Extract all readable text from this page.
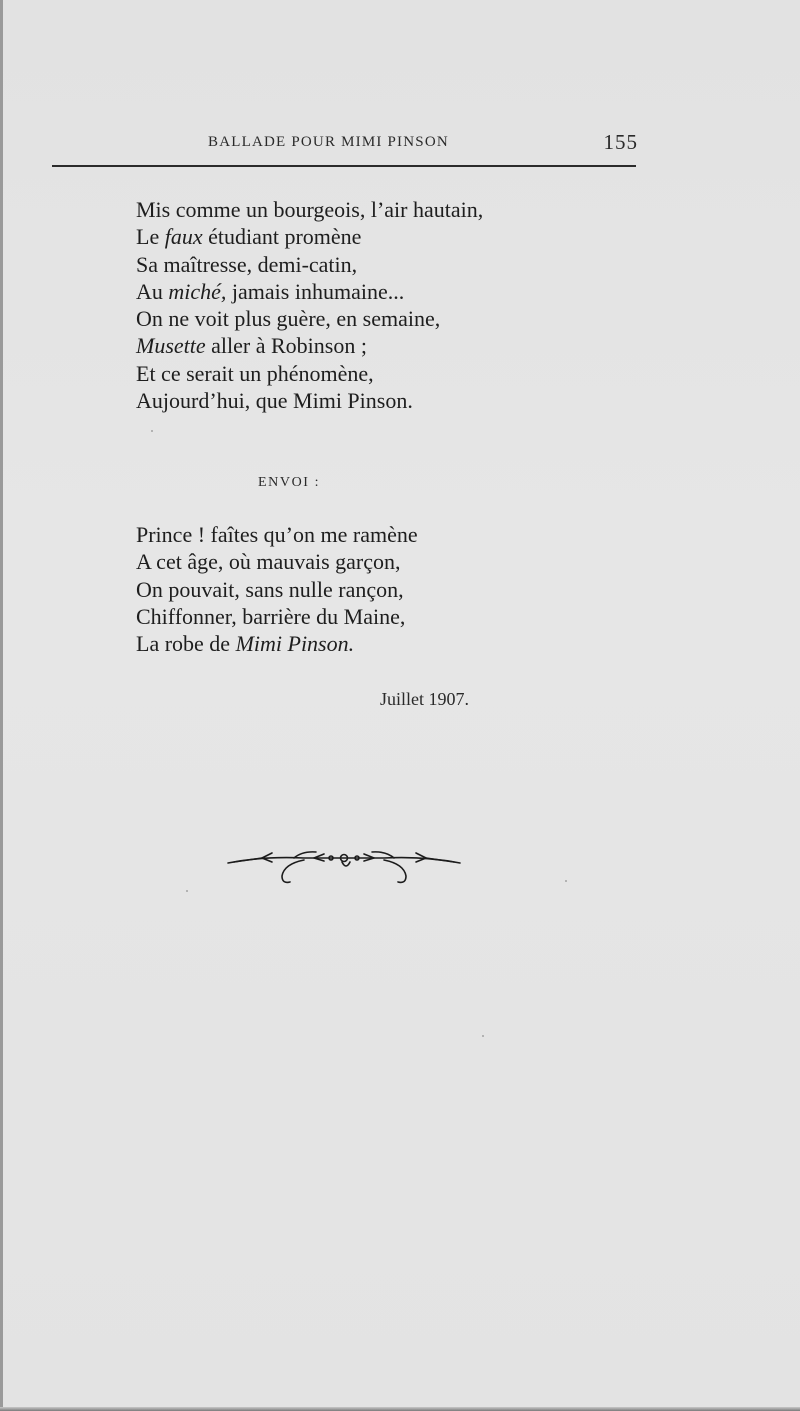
BALLADE POUR MIMI PINSON	155
Mis comme un bourgeois, l’air hautain,
Le faux étudiant promène
Sa maîtresse, demi-catin,
Au miché, jamais inhumaine...
On ne voit plus guère, en semaine,
Musette aller à Robinson ;
Et ce serait un phénomène,
Aujourd’hui, que Mimi Pinson.
ENVOI :
Prince ! faîtes qu’on me ramène
A cet âge, où mauvais garçon,
On pouvait, sans nulle rançon,
Chiffonner, barrière du Maine,
La robe de Mimi Pinson.
Juillet 1907.
